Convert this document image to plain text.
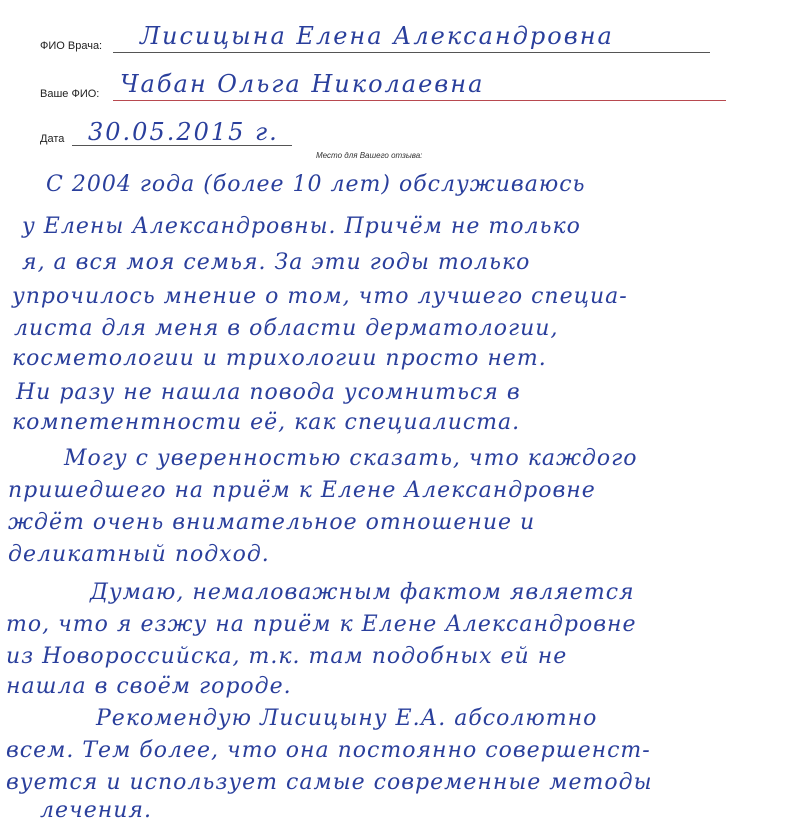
ФИО Врача: Лисицына Елена Александровна
Ваше ФИО: Чабан Ольга Николаевна
Дата 30.05.2015 г.
Место для Вашего отзыва:
С 2004 года (более 10 лет) обслуживаюсь
у Елены Александровны. Причём не только
я, а вся моя семья. За эти годы только
упрочилось мнение о том, что лучшего специа-
листа для меня в области дерматологии,
косметологии и трихологии просто нет.
Ни разу не нашла повода усомниться в
компетентности её, как специалиста.
Могу с уверенностью сказать, что каждого
пришедшего на приём к Елене Александровне
ждёт очень внимательное отношение и
деликатный подход.
Думаю, немаловажным фактом является
то, что я езжу на приём к Елене Александровне
из Новороссийска, т.к. там подобных ей не
нашла в своём городе.
Рекомендую Лисицыну Е.А. абсолютно
всем. Тем более, что она постоянно совершенст-
вуется и использует самые современные методы
лечения.
